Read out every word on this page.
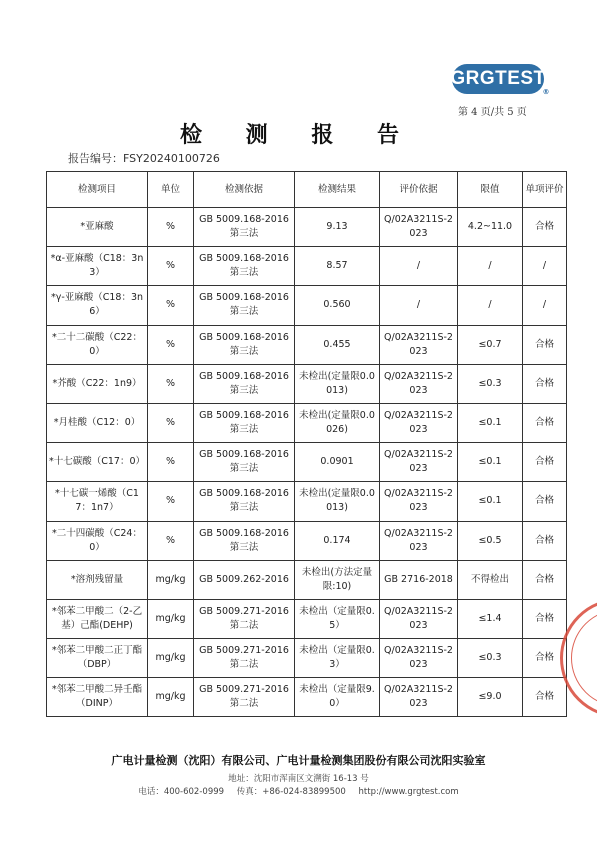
GRGTEST
®
第 4 页/共 5 页
检 测 报 告
报告编号：FSY20240100726
检测项目	单位	检测依据	检测结果	评价依据	限值	单项评价
*亚麻酸	%	GB 5009.168-2016 第三法	9.13	Q/02A3211S-2023	4.2~11.0	合格
*α-亚麻酸（C18：3n3）	%	GB 5009.168-2016 第三法	8.57	/	/	/
*γ-亚麻酸（C18：3n6）	%	GB 5009.168-2016 第三法	0.560	/	/	/
*二十二碳酸（C22：0）	%	GB 5009.168-2016 第三法	0.455	Q/02A3211S-2023	≤0.7	合格
*芥酸（C22：1n9）	%	GB 5009.168-2016 第三法	未检出(定量限0.0013)	Q/02A3211S-2023	≤0.3	合格
*月桂酸（C12：0）	%	GB 5009.168-2016 第三法	未检出(定量限0.0026)	Q/02A3211S-2023	≤0.1	合格
*十七碳酸（C17：0）	%	GB 5009.168-2016 第三法	0.0901	Q/02A3211S-2023	≤0.1	合格
*十七碳一烯酸（C17：1n7）	%	GB 5009.168-2016 第三法	未检出(定量限0.0013)	Q/02A3211S-2023	≤0.1	合格
*二十四碳酸（C24：0）	%	GB 5009.168-2016 第三法	0.174	Q/02A3211S-2023	≤0.5	合格
*溶剂残留量	mg/kg	GB 5009.262-2016	未检出(方法定量限:10)	GB 2716-2018	不得检出	合格
*邻苯二甲酸二（2-乙基）己酯(DEHP)	mg/kg	GB 5009.271-2016 第二法	未检出（定量限0.5）	Q/02A3211S-2023	≤1.4	合格
*邻苯二甲酸二正丁酯（DBP）	mg/kg	GB 5009.271-2016 第二法	未检出（定量限0.3）	Q/02A3211S-2023	≤0.3	合格
*邻苯二甲酸二异壬酯（DINP）	mg/kg	GB 5009.271-2016 第二法	未检出（定量限9.0）	Q/02A3211S-2023	≤9.0	合格
广电计量检测（沈阳）有限公司、广电计量检测集团股份有限公司沈阳实验室
地址：沈阳市浑南区文溯街 16-13 号
电话：400-602-0999 传真：+86-024-83899500 http://www.grgtest.com
